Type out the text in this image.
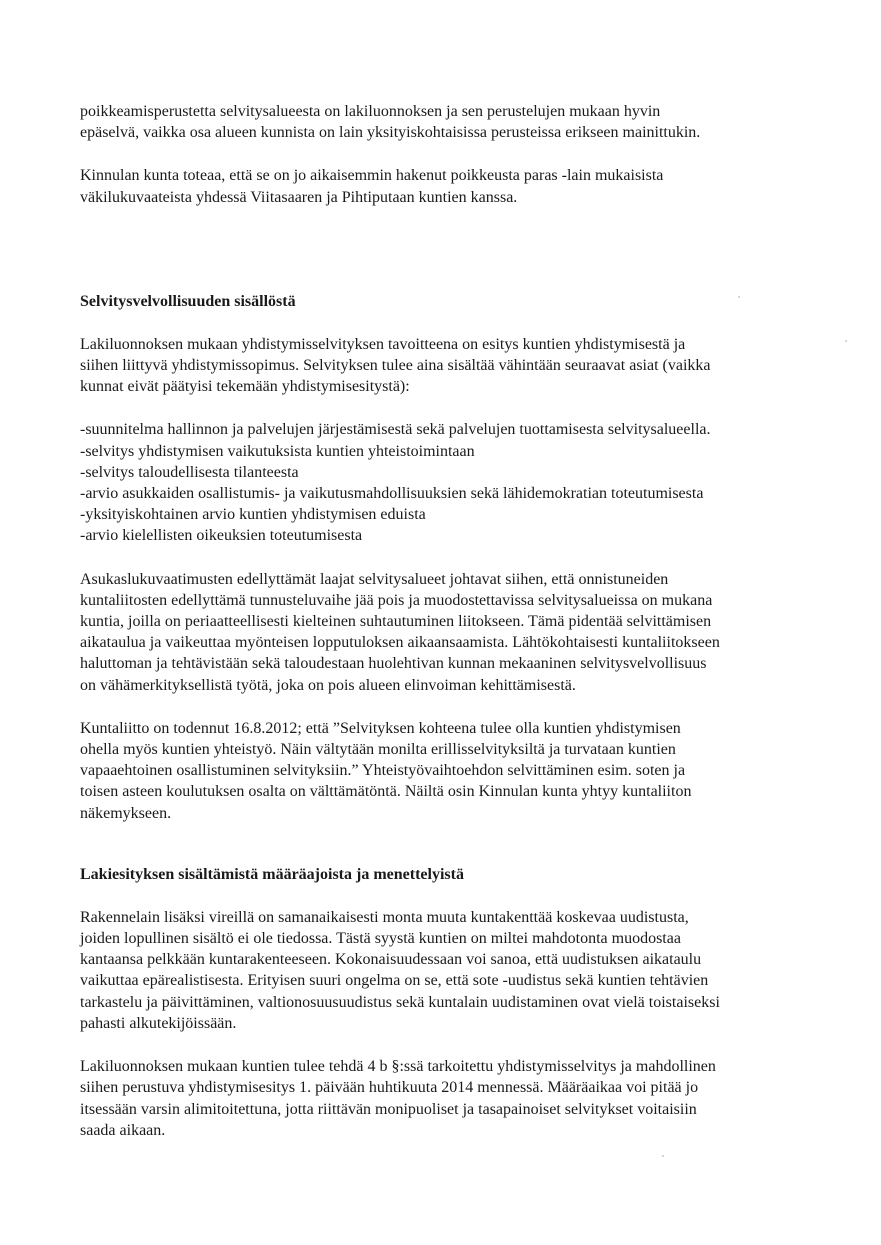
poikkeamisperustetta selvitysalueesta on lakiluonnoksen ja sen perustelujen mukaan hyvin
epäselvä, vaikka osa alueen kunnista on lain yksityiskohtaisissa perusteissa erikseen mainittukin.

Kinnulan kunta toteaa, että se on jo aikaisemmin hakenut poikkeusta paras -lain mukaisista
väkilukuvaateista yhdessä Viitasaaren ja Pihtiputaan kuntien kanssa.

Selvitysvelvollisuuden sisällöstä

Lakiluonnoksen mukaan yhdistymisselvityksen tavoitteena on esitys kuntien yhdistymisestä ja
siihen liittyvä yhdistymissopimus. Selvityksen tulee aina sisältää vähintään seuraavat asiat (vaikka
kunnat eivät päätyisi tekemään yhdistymisesitystä):

-suunnitelma hallinnon ja palvelujen järjestämisestä sekä palvelujen tuottamisesta selvitysalueella.
-selvitys yhdistymisen vaikutuksista kuntien yhteistoimintaan
-selvitys taloudellisesta tilanteesta
-arvio asukkaiden osallistumis- ja vaikutusmahdollisuuksien sekä lähidemokratian toteutumisesta
-yksityiskohtainen arvio kuntien yhdistymisen eduista
-arvio kielellisten oikeuksien toteutumisesta

Asukaslukuvaatimusten edellyttämät laajat selvitysalueet johtavat siihen, että onnistuneiden
kuntaliitosten edellyttämä tunnusteluvaihe jää pois ja muodostettavissa selvitysalueissa on mukana
kuntia, joilla on periaatteellisesti kielteinen suhtautuminen liitokseen. Tämä pidentää selvittämisen
aikataulua ja vaikeuttaa myönteisen lopputuloksen aikaansaamista. Lähtökohtaisesti kuntaliitokseen
haluttoman ja tehtävistään sekä taloudestaan huolehtivan kunnan mekaaninen selvitysvelvollisuus
on vähämerkityksellistä työtä, joka on pois alueen elinvoiman kehittämisestä.

Kuntaliitto on todennut 16.8.2012; että ”Selvityksen kohteena tulee olla kuntien yhdistymisen
ohella myös kuntien yhteistyö. Näin vältytään monilta erillisselvityksiltä ja turvataan kuntien
vapaaehtoinen osallistuminen selvityksiin.” Yhteistyövaihtoehdon selvittäminen esim. soten ja
toisen asteen koulutuksen osalta on välttämätöntä. Näiltä osin Kinnulan kunta yhtyy kuntaliiton
näkemykseen.

Lakiesityksen sisältämistä määräajoista ja menettelyistä

Rakennelain lisäksi vireillä on samanaikaisesti monta muuta kuntakenttää koskevaa uudistusta,
joiden lopullinen sisältö ei ole tiedossa. Tästä syystä kuntien on miltei mahdotonta muodostaa
kantaansa pelkkään kuntarakenteeseen. Kokonaisuudessaan voi sanoa, että uudistuksen aikataulu
vaikuttaa epärealistisesta. Erityisen suuri ongelma on se, että sote -uudistus sekä kuntien tehtävien
tarkastelu ja päivittäminen, valtionosuusuudistus sekä kuntalain uudistaminen ovat vielä toistaiseksi
pahasti alkutekijöissään.

Lakiluonnoksen mukaan kuntien tulee tehdä 4 b §:ssä tarkoitettu yhdistymisselvitys ja mahdollinen
siihen perustuva yhdistymisesitys 1. päivään huhtikuuta 2014 mennessä. Määräaikaa voi pitää jo
itsessään varsin alimitoitettuna, jotta riittävän monipuoliset ja tasapainoiset selvitykset voitaisiin
saada aikaan.
